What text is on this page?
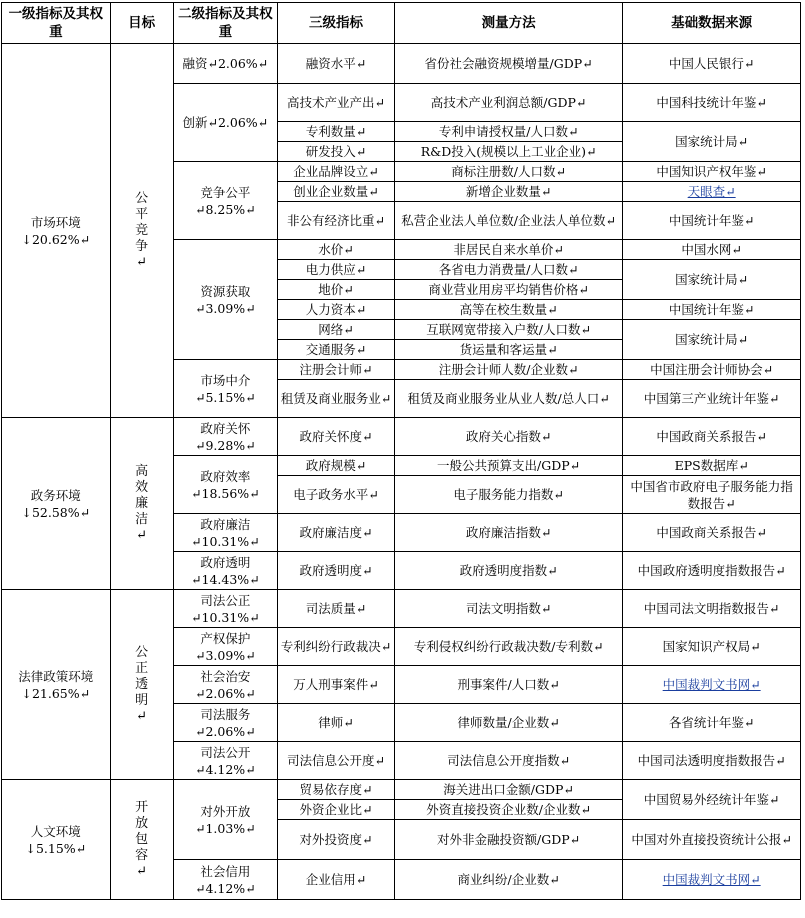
一级指标及其权重	目标	二级指标及其权重	三级指标	测量方法	基础数据来源
市场环境↓20.62%↵	公平竞争↵	融资↵2.06%↵	融资水平↵	省份社会融资规模增量/GDP↵	中国人民银行↵
		创新↵2.06%↵	高技术产业产出↵	高技术产业利润总额/GDP↵	中国科技统计年鉴↵
			专利数量↵	专利申请授权量/人口数↵	国家统计局↵
			研发投入↵	R&D投入(规模以上工业企业)↵	
		竞争公平↵8.25%↵	企业品牌设立↵	商标注册数/人口数↵	中国知识产权年鉴↵
			创业企业数量↵	新增企业数量↵	天眼查↵
			非公有经济比重↵	私营企业法人单位数/企业法人单位数↵	中国统计年鉴↵
		资源获取↵3.09%↵	水价↵	非居民自来水单价↵	中国水网↵
			电力供应↵	各省电力消费量/人口数↵	国家统计局↵
			地价↵	商业营业用房平均销售价格↵	
			人力资本↵	高等在校生数量↵	中国统计年鉴↵
			网络↵	互联网宽带接入户数/人口数↵	国家统计局↵
			交通服务↵	货运量和客运量↵	
		市场中介↵5.15%↵	注册会计师↵	注册会计师人数/企业数↵	中国注册会计师协会↵
			租赁及商业服务业↵	租赁及商业服务业从业人数/总人口↵	中国第三产业统计年鉴↵
政务环境↓52.58%↵	高效廉洁↵	政府关怀↵9.28%↵	政府关怀度↵	政府关心指数↵	中国政商关系报告↵
		政府效率↵18.56%↵	政府规模↵	一般公共预算支出/GDP↵	EPS数据库↵
			电子政务水平↵	电子服务能力指数↵	中国省市政府电子服务能力指数报告↵
		政府廉洁↵10.31%↵	政府廉洁度↵	政府廉洁指数↵	中国政商关系报告↵
		政府透明↵14.43%↵	政府透明度↵	政府透明度指数↵	中国政府透明度指数报告↵

法律政策环境↓21.65%↵	公正透明↵	司法公正↵10.31%↵	司法质量↵	司法文明指数↵	中国司法文明指数报告↵
		产权保护↵3.09%↵	专利纠纷行政裁决↵	专利侵权纠纷行政裁决数/专利数↵	国家知识产权局↵
		社会治安↵2.06%↵	万人刑事案件↵	刑事案件/人口数↵	中国裁判文书网↵
		司法服务↵2.06%↵	律师↵	律师数量/企业数↵	各省统计年鉴↵
		司法公开↵4.12%↵	司法信息公开度↵	司法信息公开度指数↵	中国司法透明度指数报告↵
人文环境↓5.15%↵	开放包容↵	对外开放↵1.03%↵	贸易依存度↵	海关进出口金额/GDP↵	中国贸易外经统计年鉴↵
			外资企业比↵	外资直接投资企业数/企业数↵	
			对外投资度↵	对外非金融投资额/GDP↵	中国对外直接投资统计公报↵
		社会信用↵4.12%↵	企业信用↵	商业纠纷/企业数↵	中国裁判文书网↵
